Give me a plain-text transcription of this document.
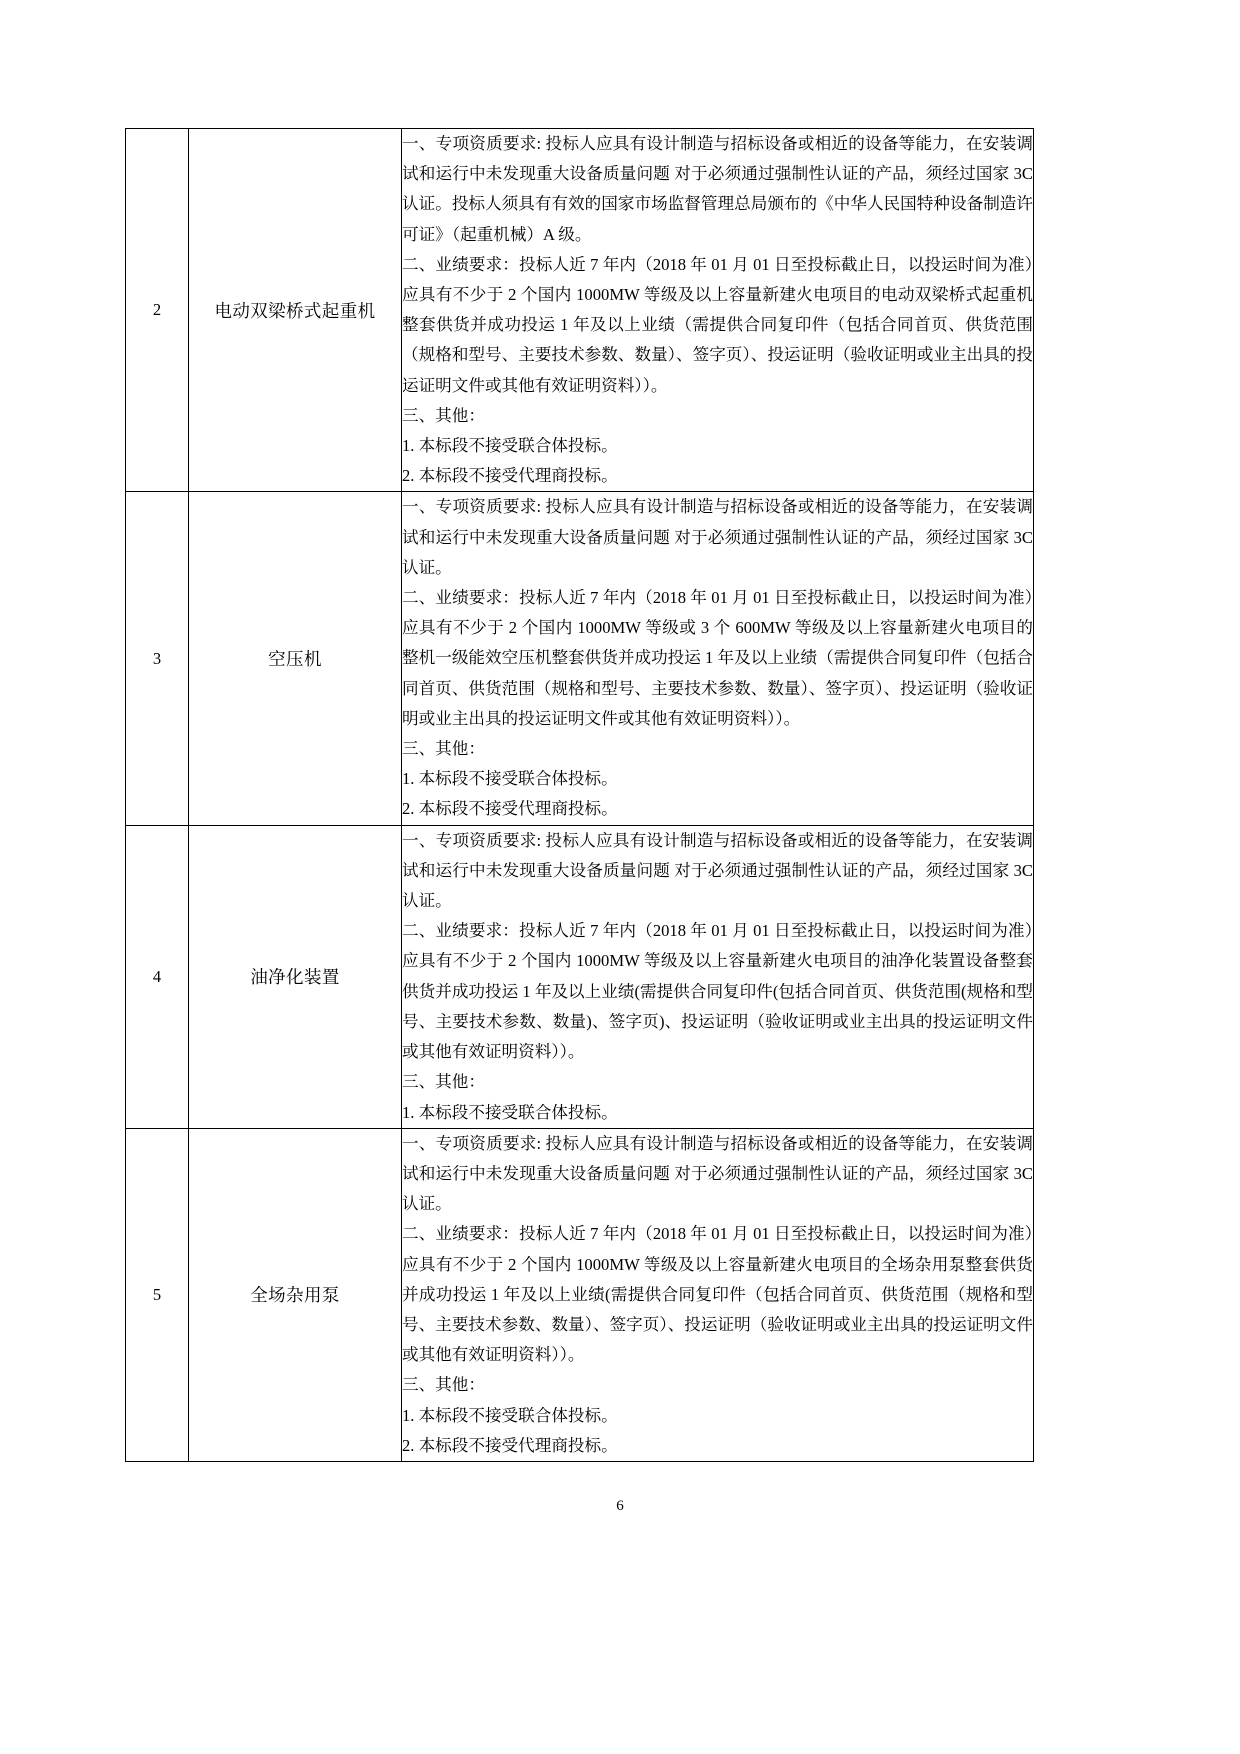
2	电动双梁桥式起重机	一、专项资质要求: 投标人应具有设计制造与招标设备或相近的设备等能力，在安装调试和运行中未发现重大设备质量问题 对于必须通过强制性认证的产品，须经过国家 3C 认证。投标人须具有有效的国家市场监督管理总局颁布的《中华人民国特种设备制造许可证》（起重机械）A 级。

二、业绩要求：投标人近 7 年内（2018 年 01 月 01 日至投标截止日，以投运时间为准）应具有不少于 2 个国内 1000MW 等级及以上容量新建火电项目的电动双梁桥式起重机整套供货并成功投运 1 年及以上业绩（需提供合同复印件（包括合同首页、供货范围（规格和型号、主要技术参数、数量）、签字页）、投运证明（验收证明或业主出具的投运证明文件或其他有效证明资料））。

三、其他：

1. 本标段不接受联合体投标。

2. 本标段不接受代理商投标。

3	空压机	一、专项资质要求: 投标人应具有设计制造与招标设备或相近的设备等能力，在安装调试和运行中未发现重大设备质量问题 对于必须通过强制性认证的产品，须经过国家 3C 认证。

二、业绩要求：投标人近 7 年内（2018 年 01 月 01 日至投标截止日，以投运时间为准）应具有不少于 2 个国内 1000MW 等级或 3 个 600MW 等级及以上容量新建火电项目的整机一级能效空压机整套供货并成功投运 1 年及以上业绩（需提供合同复印件（包括合同首页、供货范围（规格和型号、主要技术参数、数量）、签字页）、投运证明（验收证明或业主出具的投运证明文件或其他有效证明资料））。

三、其他：

1. 本标段不接受联合体投标。

2. 本标段不接受代理商投标。

4	油净化装置	一、专项资质要求: 投标人应具有设计制造与招标设备或相近的设备等能力，在安装调试和运行中未发现重大设备质量问题 对于必须通过强制性认证的产品，须经过国家 3C 认证。

二、业绩要求：投标人近 7 年内（2018 年 01 月 01 日至投标截止日，以投运时间为准）应具有不少于 2 个国内 1000MW 等级及以上容量新建火电项目的油净化装置设备整套供货并成功投运 1 年及以上业绩(需提供合同复印件(包括合同首页、供货范围(规格和型号、主要技术参数、数量)、签字页)、投运证明（验收证明或业主出具的投运证明文件或其他有效证明资料））。

三、其他：

1. 本标段不接受联合体投标。

5	全场杂用泵	一、专项资质要求: 投标人应具有设计制造与招标设备或相近的设备等能力，在安装调试和运行中未发现重大设备质量问题 对于必须通过强制性认证的产品，须经过国家 3C 认证。

二、业绩要求：投标人近 7 年内（2018 年 01 月 01 日至投标截止日，以投运时间为准）应具有不少于 2 个国内 1000MW 等级及以上容量新建火电项目的全场杂用泵整套供货并成功投运 1 年及以上业绩(需提供合同复印件（包括合同首页、供货范围（规格和型号、主要技术参数、数量）、签字页）、投运证明（验收证明或业主出具的投运证明文件或其他有效证明资料））。

三、其他：

1. 本标段不接受联合体投标。

2. 本标段不接受代理商投标。

6
